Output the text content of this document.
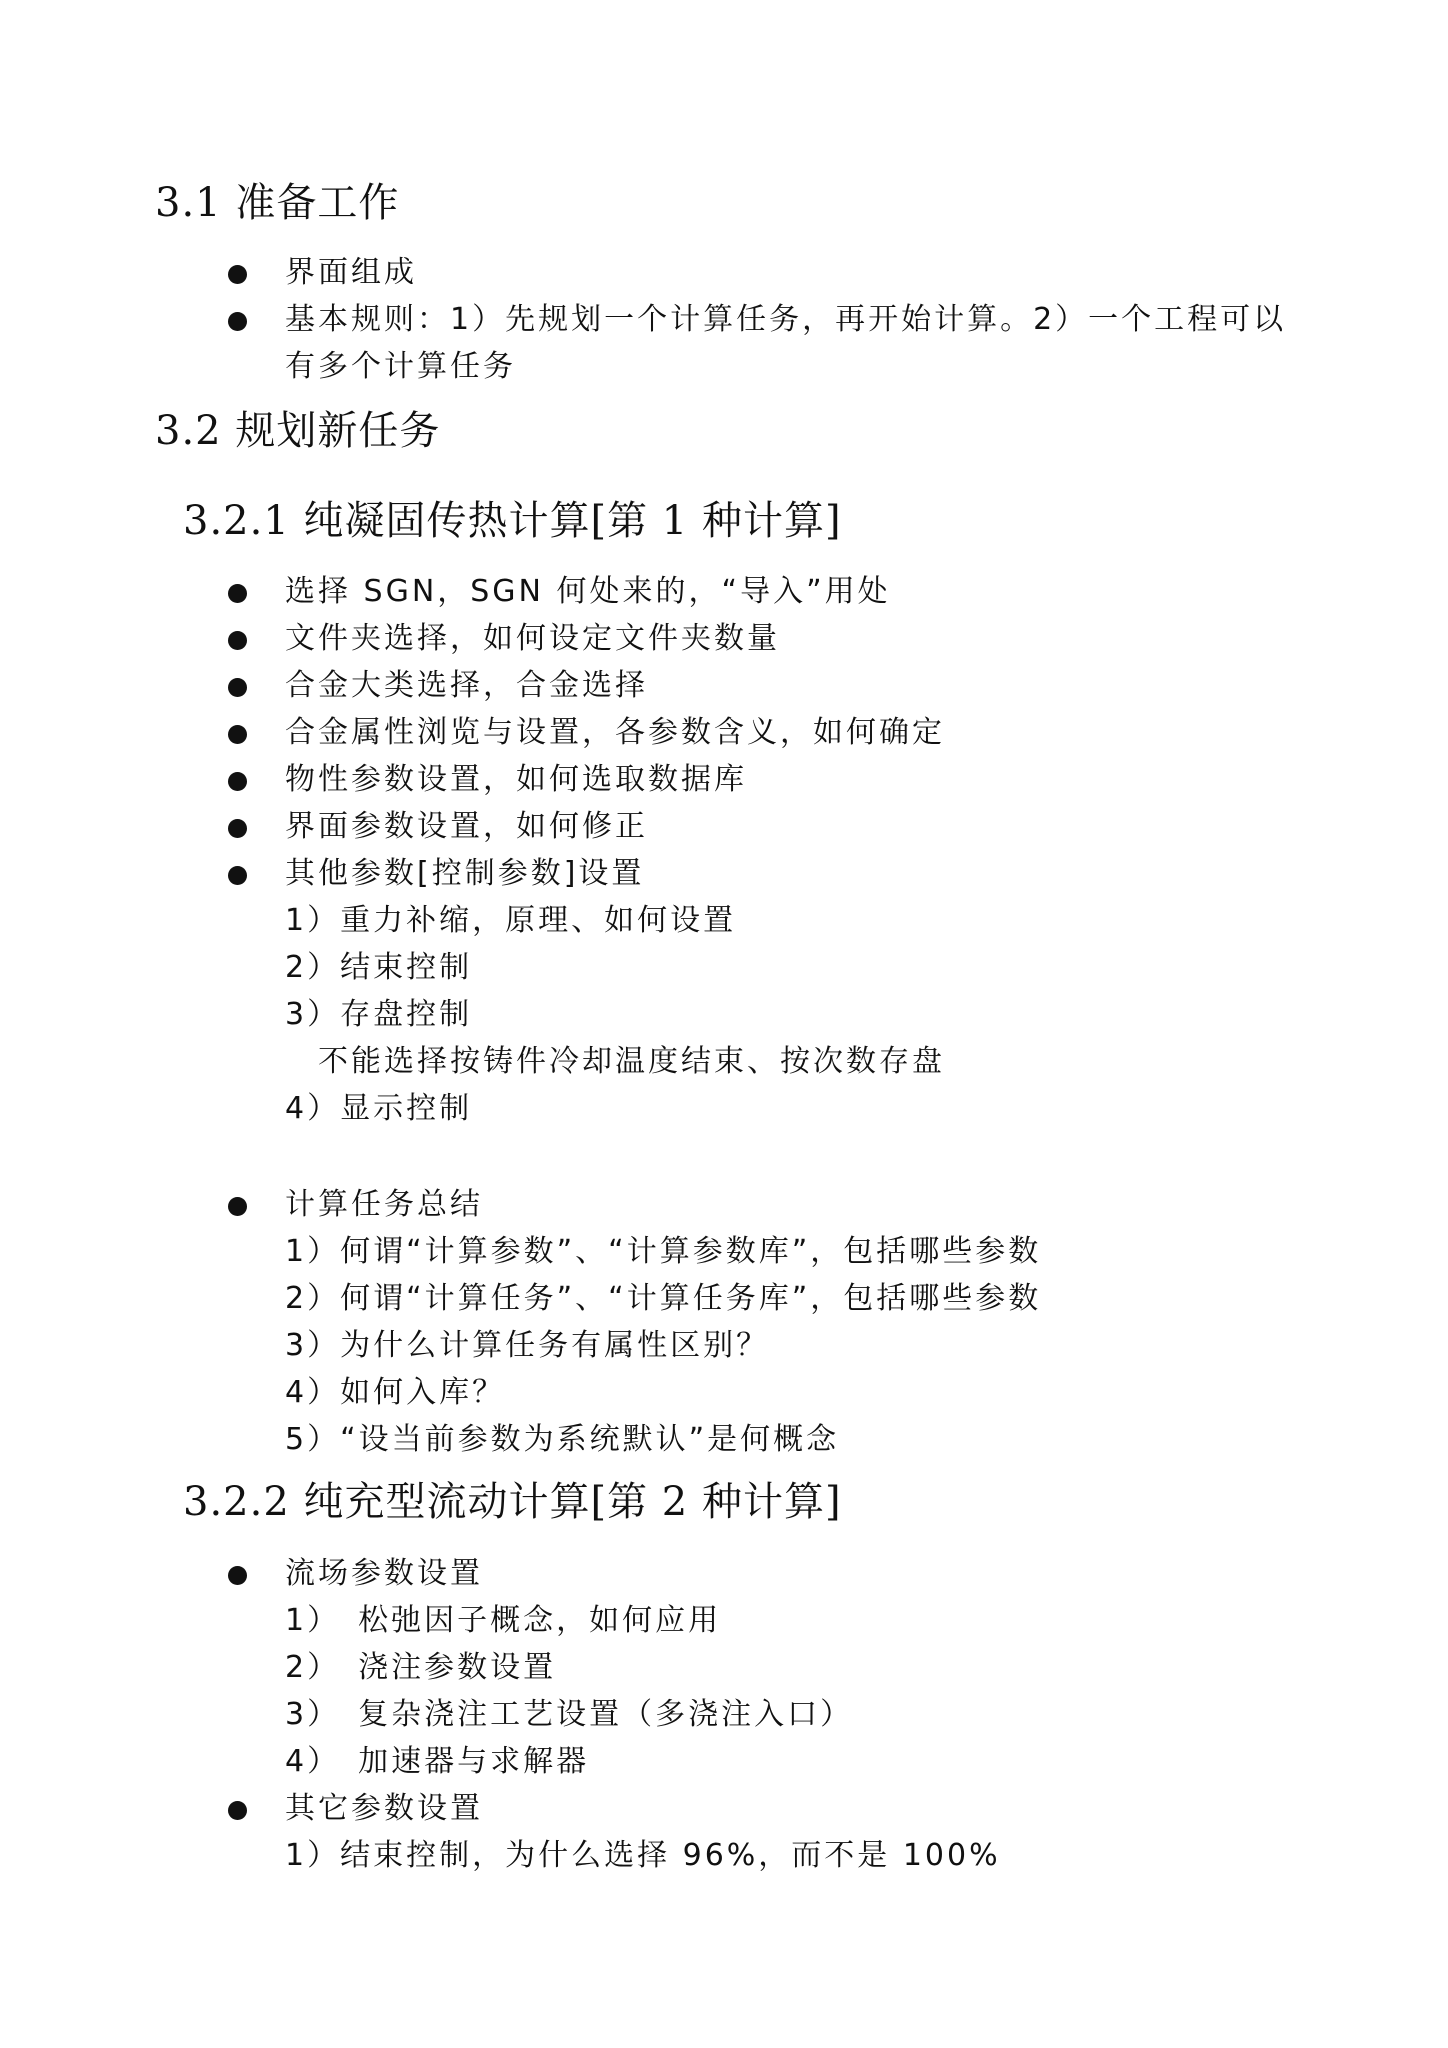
3.1 准备工作
界面组成
基本规则：1）先规划一个计算任务，再开始计算。2）一个工程可以
有多个计算任务
3.2 规划新任务
3.2.1 纯凝固传热计算[第 1 种计算]
选择 SGN，SGN 何处来的，“导入”用处
文件夹选择，如何设定文件夹数量
合金大类选择，合金选择
合金属性浏览与设置，各参数含义，如何确定
物性参数设置，如何选取数据库
界面参数设置，如何修正
其他参数[控制参数]设置
1）重力补缩，原理、如何设置
2）结束控制
3）存盘控制
不能选择按铸件冷却温度结束、按次数存盘
4）显示控制
计算任务总结
1）何谓“计算参数”、“计算参数库”，包括哪些参数
2）何谓“计算任务”、“计算任务库”，包括哪些参数
3）为什么计算任务有属性区别？
4）如何入库？
5）“设当前参数为系统默认”是何概念
3.2.2 纯充型流动计算[第 2 种计算]
流场参数设置
1）　松弛因子概念，如何应用
2）　浇注参数设置
3）　复杂浇注工艺设置（多浇注入口）
4）　加速器与求解器
其它参数设置
1）结束控制，为什么选择 96%，而不是 100%
